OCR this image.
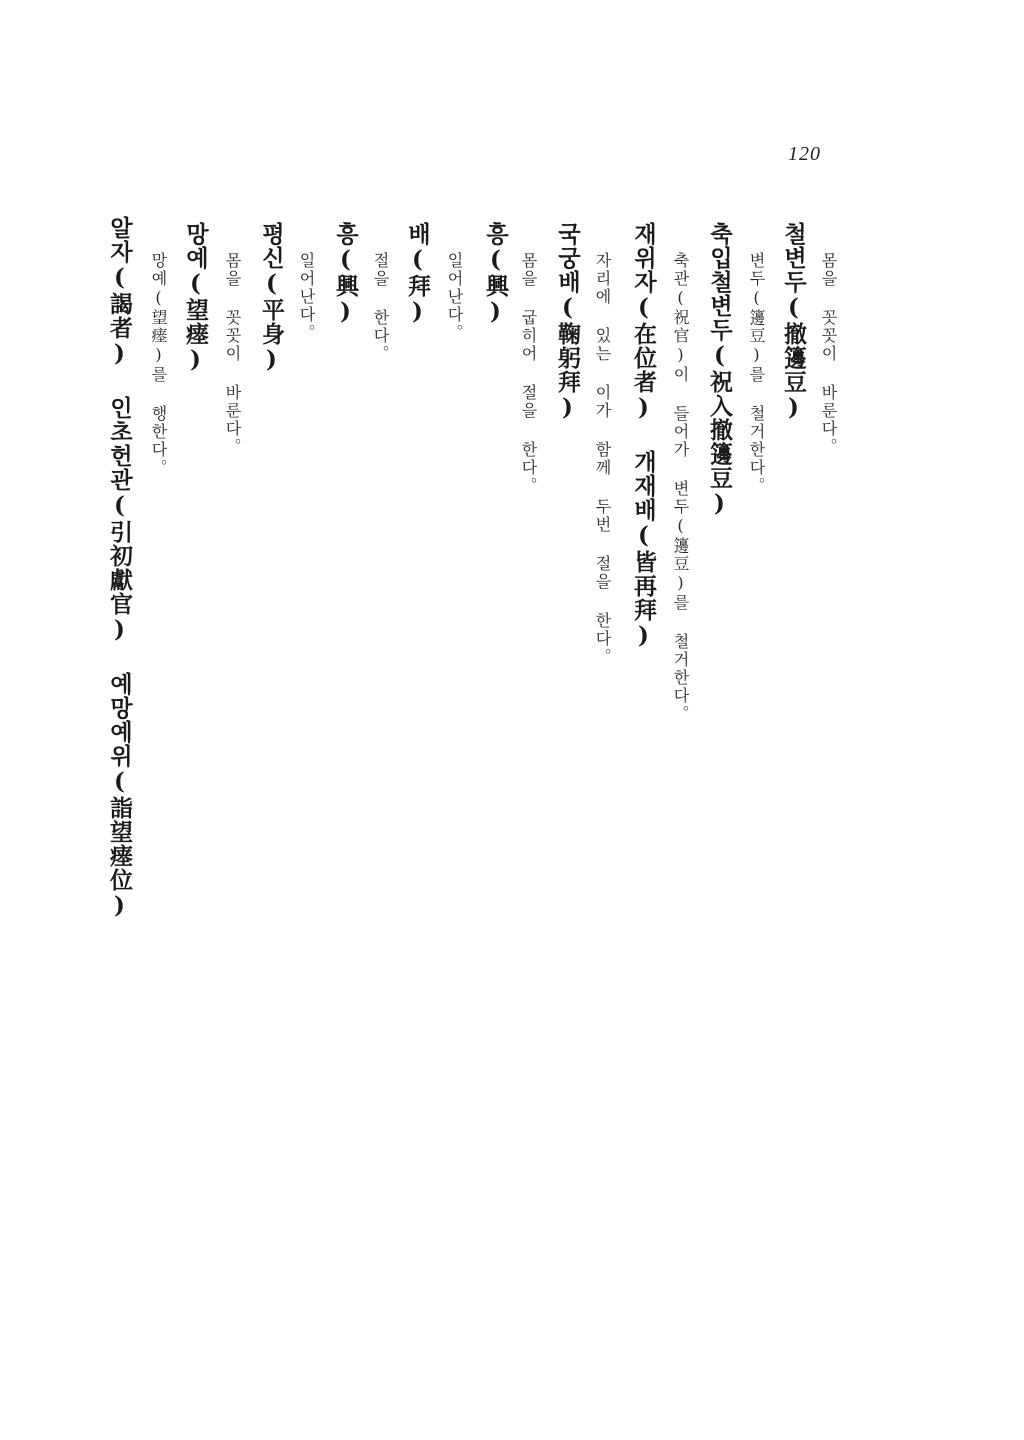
120
몸을 꼿꼿이 바룬다。
철변두(撤籩豆)
변두(籩豆)를 철거한다。
축입철변두(祝入撤籩豆)
축관(祝官)이 들어가 변두(籩豆)를 철거한다。
재위자(在位者) 개재배(皆再拜)
자리에 있는 이가 함께 두번 절을 한다。
국궁배(鞠躬拜)
몸을 굽히어 절을 한다。
흥(興)
일어난다。
배(拜)
절을 한다。
흥(興)
일어난다。
평신(平身)
몸을 꼿꼿이 바룬다。
망예(望瘗)
망예(望瘗)를 행한다。
알자(謁者) 인초헌관(引初獻官) 예망예위(詣望瘗位)
